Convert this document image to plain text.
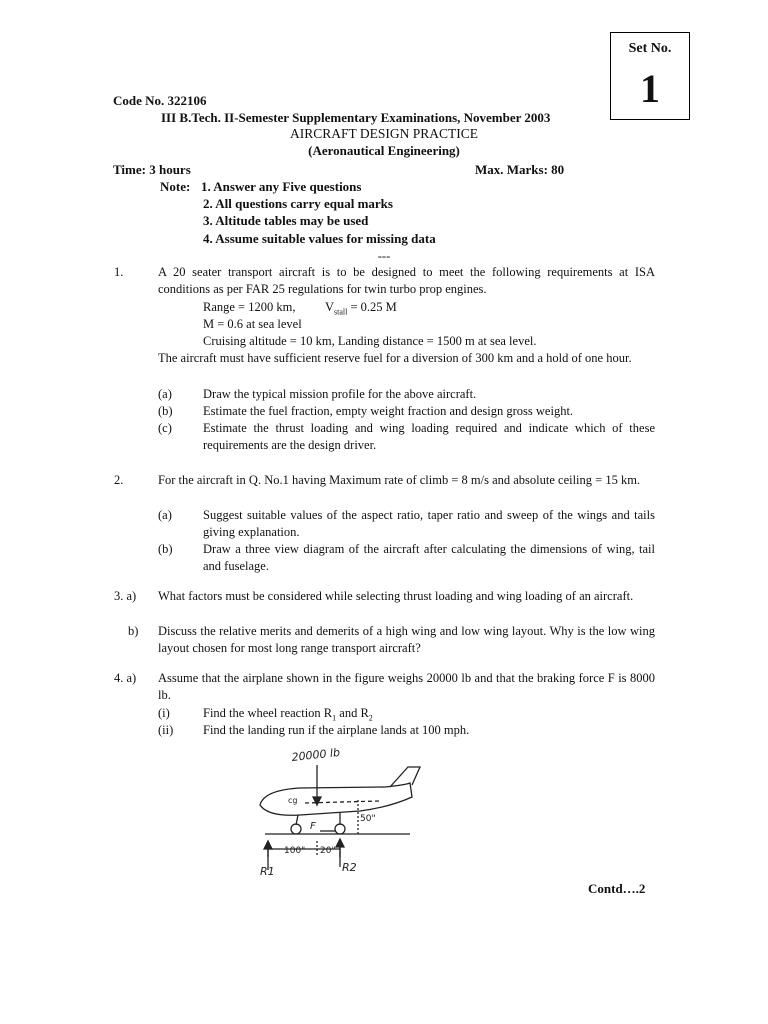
Set No.
1
Code No. 322106
III B.Tech. II-Semester Supplementary Examinations, November 2003
AIRCRAFT DESIGN PRACTICE
(Aeronautical Engineering)
Time: 3 hours	Max. Marks: 80
Note: 1. Answer any Five questions
2. All questions carry equal marks
3. Altitude tables may be used
4. Assume suitable values for missing data
---
1.	A 20 seater transport aircraft is to be designed to meet the following requirements at ISA conditions as per FAR 25 regulations for twin turbo prop engines.
Range = 1200 km, $V_{stall} = 0.25$ M
M = 0.6 at sea level
Cruising altitude = 10 km, Landing distance = 1500 m at sea level.
The aircraft must have sufficient reserve fuel for a diversion of 300 km and a hold of one hour.
(a) Draw the typical mission profile for the above aircraft.
(b) Estimate the fuel fraction, empty weight fraction and design gross weight.
(c) Estimate the thrust loading and wing loading required and indicate which of these requirements are the design driver.
2.	For the aircraft in Q. No.1 having Maximum rate of climb = 8 m/s and absolute ceiling = 15 km.
(a) Suggest suitable values of the aspect ratio, taper ratio and sweep of the wings and tails giving explanation.
(b) Draw a three view diagram of the aircraft after calculating the dimensions of wing, tail and fuselage.
3. a) What factors must be considered while selecting thrust loading and wing loading of an aircraft.
b) Discuss the relative merits and demerits of a high wing and low wing layout. Why is the low wing layout chosen for most long range transport aircraft?
4. a) Assume that the airplane shown in the figure weighs 20000 lb and that the braking force F is 8000 lb.
(i)	Find the wheel reaction $R_1$ and $R_2$
(ii) Find the landing run if the airplane lands at 100 mph.
20000 lb
cg
F
50"
100" 20"
R1	R2
Contd….2
